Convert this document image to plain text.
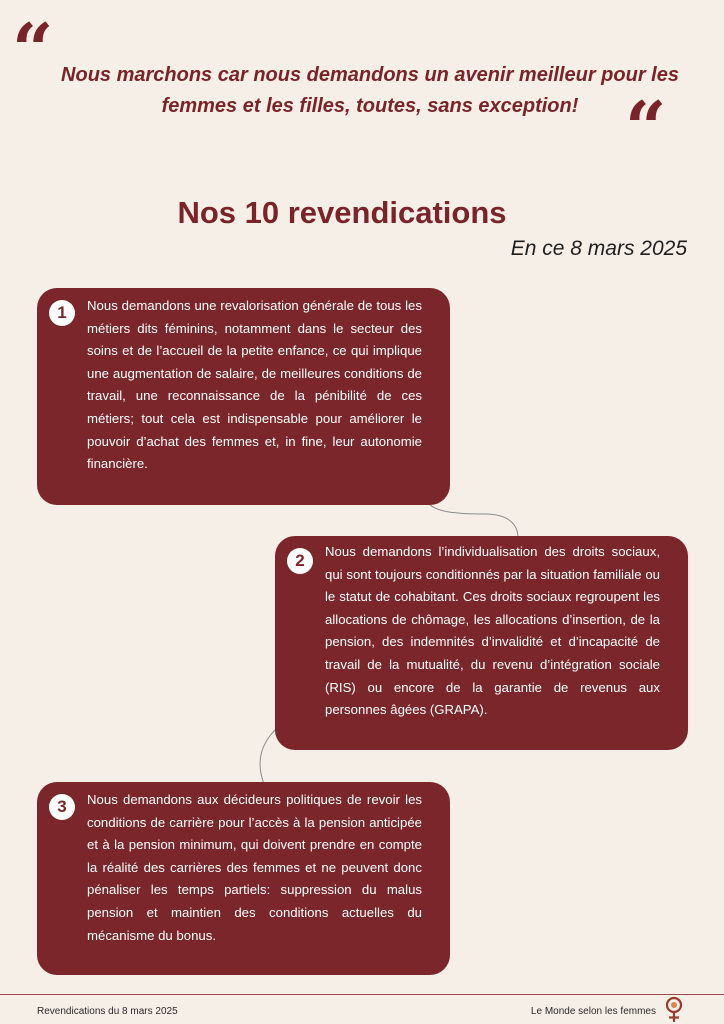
“ Nous marchons car nous demandons un avenir meilleur pour les femmes et les filles, toutes, sans exception! “
Nos 10 revendications
En ce 8 mars 2025
1	Nous demandons une revalorisation générale de tous les métiers dits féminins, notamment dans le secteur des soins et de l’accueil de la petite enfance, ce qui implique une augmentation de salaire, de meilleures conditions de travail, une reconnaissance de la pénibilité de ces métiers; tout cela est indispensable pour améliorer le pouvoir d’achat des femmes et, in fine, leur autonomie financière.

2	Nous demandons l’individualisation des droits sociaux, qui sont toujours conditionnés par la situation familiale ou le statut de cohabitant. Ces droits sociaux regroupent les allocations de chômage, les allocations d’insertion, de la pension, des indemnités d’invalidité et d’incapacité de travail de la mutualité, du revenu d’intégration sociale (RIS) ou encore de la garantie de revenus aux personnes âgées (GRAPA).

3	Nous demandons aux décideurs politiques de revoir les conditions de carrière pour l’accès à la pension anticipée et à la pension minimum, qui doivent prendre en compte la réalité des carrières des femmes et ne peuvent donc pénaliser les temps partiels: suppression du malus pension et maintien des conditions actuelles du mécanisme du bonus.

Revendications du 8 mars 2025	Le Monde selon les femmes
